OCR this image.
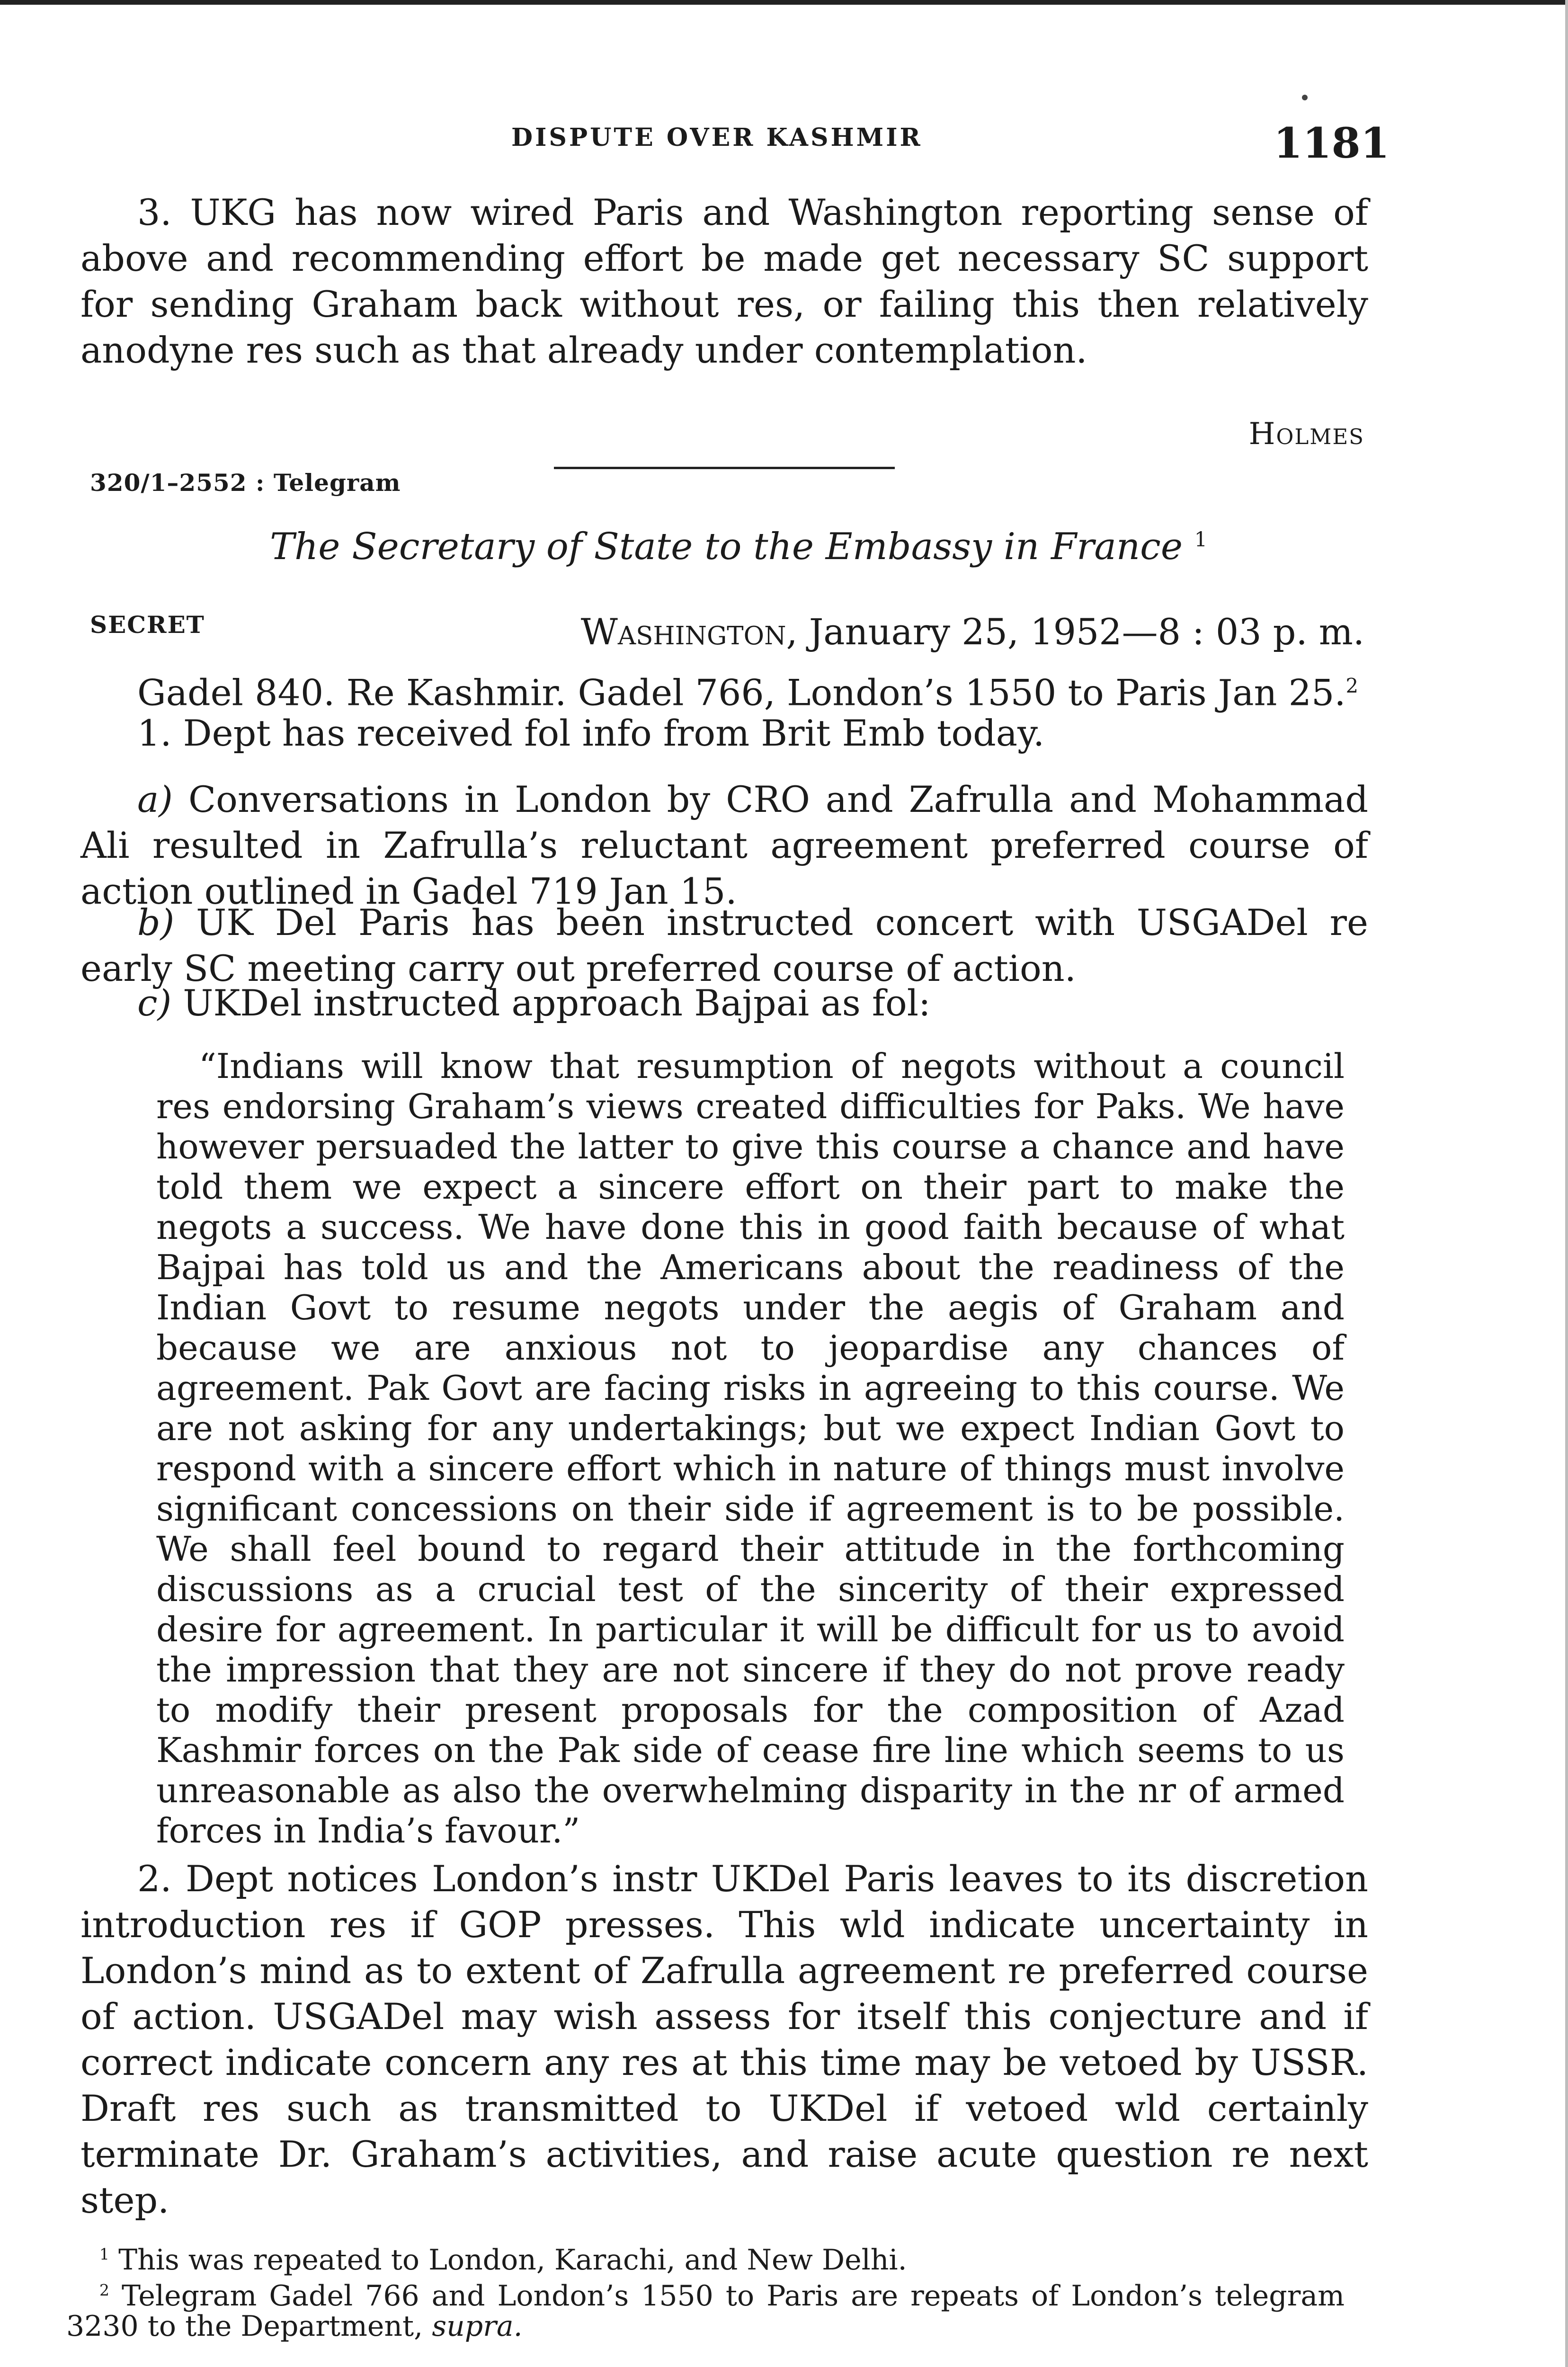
DISPUTE OVER KASHMIR	1181

3. UKG has now wired Paris and Washington reporting sense of above and recommending effort be made get necessary SC support for sending Graham back without res, or failing this then relatively anodyne res such as that already under contemplation.

Holmes
320/1–2552 : Telegram
The Secretary of State to the Embassy in France $^1$
SECRET	Washington, January 25, 1952—8 : 03 p. m.

Gadel 840. Re Kashmir. Gadel 766, London’s 1550 to Paris Jan 25.$^2$

1. Dept has received fol info from Brit Emb today.

a) Conversations in London by CRO and Zafrulla and Mohammad Ali resulted in Zafrulla’s reluctant agreement preferred course of action outlined in Gadel 719 Jan 15.

b) UK Del Paris has been instructed concert with USGADel re early SC meeting carry out preferred course of action.

c) UKDel instructed approach Bajpai as fol:

“Indians will know that resumption of negots without a council res endorsing Graham’s views created difficulties for Paks. We have however persuaded the latter to give this course a chance and have told them we expect a sincere effort on their part to make the negots a success. We have done this in good faith because of what Bajpai has told us and the Americans about the readiness of the Indian Govt to resume negots under the aegis of Graham and because we are anxious not to jeopardise any chances of agreement. Pak Govt are facing risks in agreeing to this course. We are not asking for any undertakings; but we expect Indian Govt to respond with a sincere effort which in nature of things must involve significant concessions on their side if agreement is to be possible. We shall feel bound to regard their attitude in the forthcoming discussions as a crucial test of the sincerity of their expressed desire for agreement. In particular it will be difficult for us to avoid the impression that they are not sincere if they do not prove ready to modify their present proposals for the composition of Azad Kashmir forces on the Pak side of cease fire line which seems to us unreasonable as also the overwhelming disparity in the nr of armed forces in India’s favour.”

2. Dept notices London’s instr UKDel Paris leaves to its discretion introduction res if GOP presses. This wld indicate uncertainty in London’s mind as to extent of Zafrulla agreement re preferred course of action. USGADel may wish assess for itself this conjecture and if correct indicate concern any res at this time may be vetoed by USSR. Draft res such as transmitted to UKDel if vetoed wld certainly terminate Dr. Graham’s activities, and raise acute question re next step.

$^1$ This was repeated to London, Karachi, and New Delhi.

$^2$ Telegram Gadel 766 and London’s 1550 to Paris are repeats of London’s telegram 3230 to the Department, supra.
